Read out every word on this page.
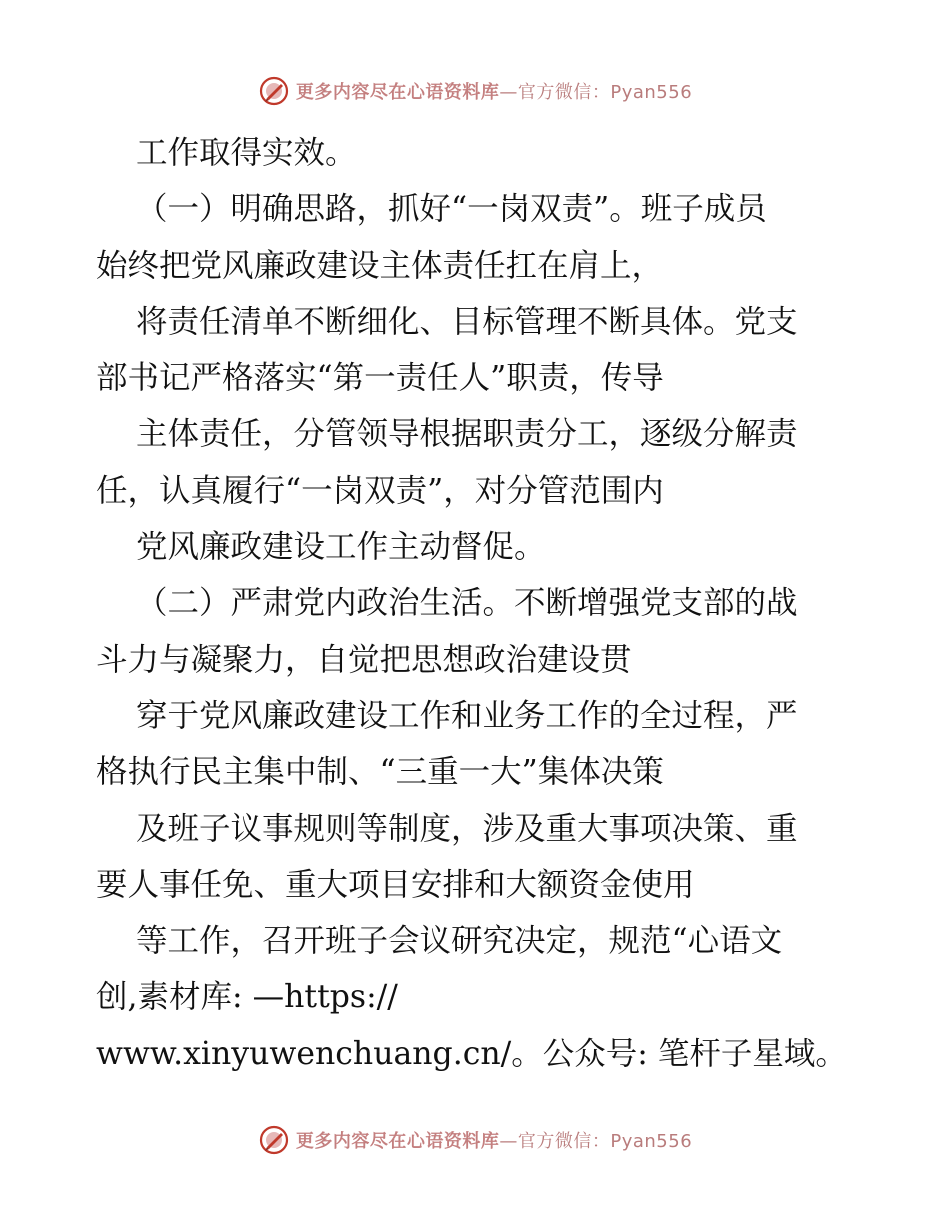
更多内容尽在心语资料库—官方微信：Pyan556
工作取得实效。
（一）明确思路，抓好“一岗双责”。班子成员
始终把党风廉政建设主体责任扛在肩上，
将责任清单不断细化、目标管理不断具体。党支
部书记严格落实“第一责任人”职责，传导
主体责任，分管领导根据职责分工，逐级分解责
任，认真履行“一岗双责”，对分管范围内
党风廉政建设工作主动督促。
（二）严肃党内政治生活。不断增强党支部的战
斗力与凝聚力，自觉把思想政治建设贯
穿于党风廉政建设工作和业务工作的全过程，严
格执行民主集中制、“三重一大”集体决策
及班子议事规则等制度，涉及重大事项决策、重
要人事任免、重大项目安排和大额资金使用
等工作，召开班子会议研究决定，规范“心语文
创,素材库: —https://
www.xinyuwenchuang.cn/。公众号: 笔杆子星域。
更多内容尽在心语资料库—官方微信：Pyan556
